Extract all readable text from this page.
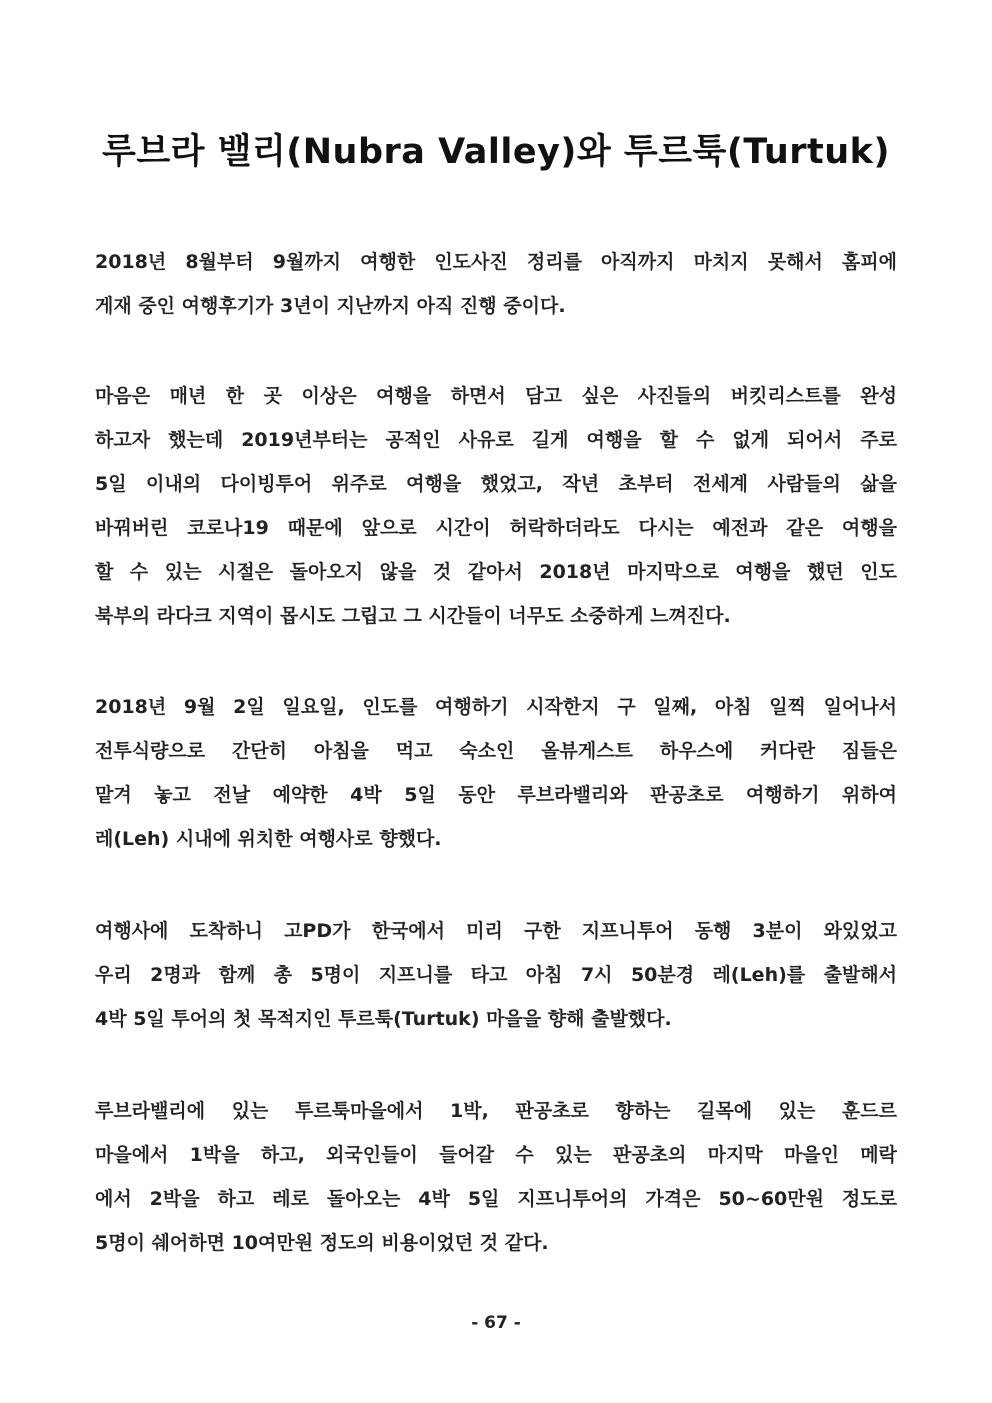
루브라 밸리(Nubra Valley)와 투르툭(Turtuk)
2018년 8월부터 9월까지 여행한 인도사진 정리를 아직까지 마치지 못해서 홈피에
게재 중인 여행후기가 3년이 지난까지 아직 진행 중이다.
마음은 매년 한 곳 이상은 여행을 하면서 담고 싶은 사진들의 버킷리스트를 완성
하고자 했는데 2019년부터는 공적인 사유로 길게 여행을 할 수 없게 되어서 주로
5일 이내의 다이빙투어 위주로 여행을 했었고, 작년 초부터 전세계 사람들의 삶을
바꿔버린 코로나19 때문에 앞으로 시간이 허락하더라도 다시는 예전과 같은 여행을
할 수 있는 시절은 돌아오지 않을 것 같아서 2018년 마지막으로 여행을 했던 인도
북부의 라다크 지역이 몹시도 그립고 그 시간들이 너무도 소중하게 느껴진다.
2018년 9월 2일 일요일, 인도를 여행하기 시작한지 구 일째, 아침 일찍 일어나서
전투식량으로 간단히 아침을 먹고 숙소인 올뷰게스트 하우스에 커다란 짐들은
맡겨 놓고 전날 예약한 4박 5일 동안 루브라밸리와 판공초로 여행하기 위하여
레(Leh) 시내에 위치한 여행사로 향했다.
여행사에 도착하니 고PD가 한국에서 미리 구한 지프니투어 동행 3분이 와있었고
우리 2명과 함께 총 5명이 지프니를 타고 아침 7시 50분경 레(Leh)를 출발해서
4박 5일 투어의 첫 목적지인 투르툭(Turtuk) 마을을 향해 출발했다.
루브라밸리에 있는 투르툭마을에서 1박, 판공초로 향하는 길목에 있는 훈드르
마을에서 1박을 하고, 외국인들이 들어갈 수 있는 판공초의 마지막 마을인 메락
에서 2박을 하고 레로 돌아오는 4박 5일 지프니투어의 가격은 50~60만원 정도로
5명이 쉐어하면 10여만원 정도의 비용이었던 것 같다.
- 67 -
